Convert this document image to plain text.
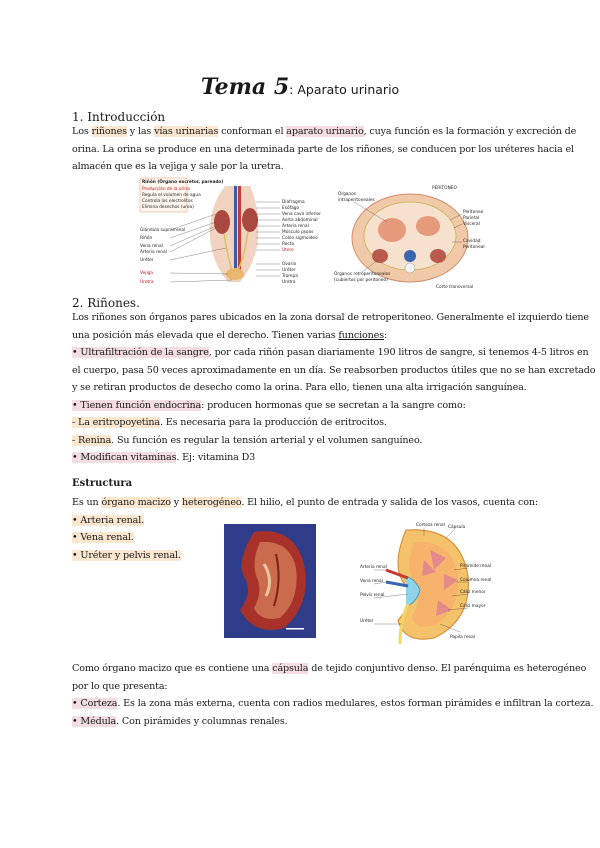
Tema 5: Aparato urinario
1. Introducción
Los riñones y las vías urinarias conforman el aparato urinario, cuya función es la formación y excreción de
orina. La orina se produce en una determinada parte de los riñones, se conducen por los uréteres hacia el
almacén que es la vejiga y sale por la uretra.
Riñón (Órgano excretor, pareado)
Producción de la orina
Regula el volumen de agua
Controla los electrolitos
Elimina desechos (urea)
Glándula suprarrenal
Riñón
Vena renal
Arteria renal
Uréter
Vejiga
Uretra
Diafragma
Esófago
Vena cava inferior
Aorta abdominal
Arteria renal
Músculo psoas
Colon sigmoideo
Recto
Útero
Ovario
Uréter
Trompa
Uretra
PERITONEO
Órganos
intraperitoneales
Peritoneo
Parietal
Visceral
Cavidad
Peritoneal
Órganos retroperitoneales
(cubiertos por peritoneo)
Corte transversal
2. Riñones.
Los riñones son órganos pares ubicados en la zona dorsal de retroperitoneo. Generalmente el izquierdo tiene
una posición más elevada que el derecho. Tienen varias funciones:
• Ultrafiltración de la sangre, por cada riñón pasan diariamente 190 litros de sangre, si tenemos 4-5 litros en
el cuerpo, pasa 50 veces aproximadamente en un día. Se reabsorben productos útiles que no se han excretado
y se retiran productos de desecho como la orina. Para ello, tienen una alta irrigación sanguínea.
• Tienen función endocrina: producen hormonas que se secretan a la sangre como:
- La eritropoyetina. Es necesaria para la producción de eritrocitos.
- Renina. Su función es regular la tensión arterial y el volumen sanguíneo.
• Modifican vitaminas. Ej: vitamina D3
Estructura
Es un órgano macizo y heterogéneo. El hilio, el punto de entrada y salida de los vasos, cuenta con:
• Arteria renal.
• Vena renal.
• Uréter y pelvis renal.
Corteza renal Cápsula
Pirámide renal
Columna renal
Arteria renal
Vena renal
Pelvis renal
Uréter
Cáliz menor
Cáliz mayor
Papila renal
Como órgano macizo que es contiene una cápsula de tejido conjuntivo denso. El parénquima es heterogéneo
por lo que presenta:
• Corteza. Es la zona más externa, cuenta con radios medulares, estos forman pirámides e infiltran la corteza.
• Médula. Con pirámides y columnas renales.
